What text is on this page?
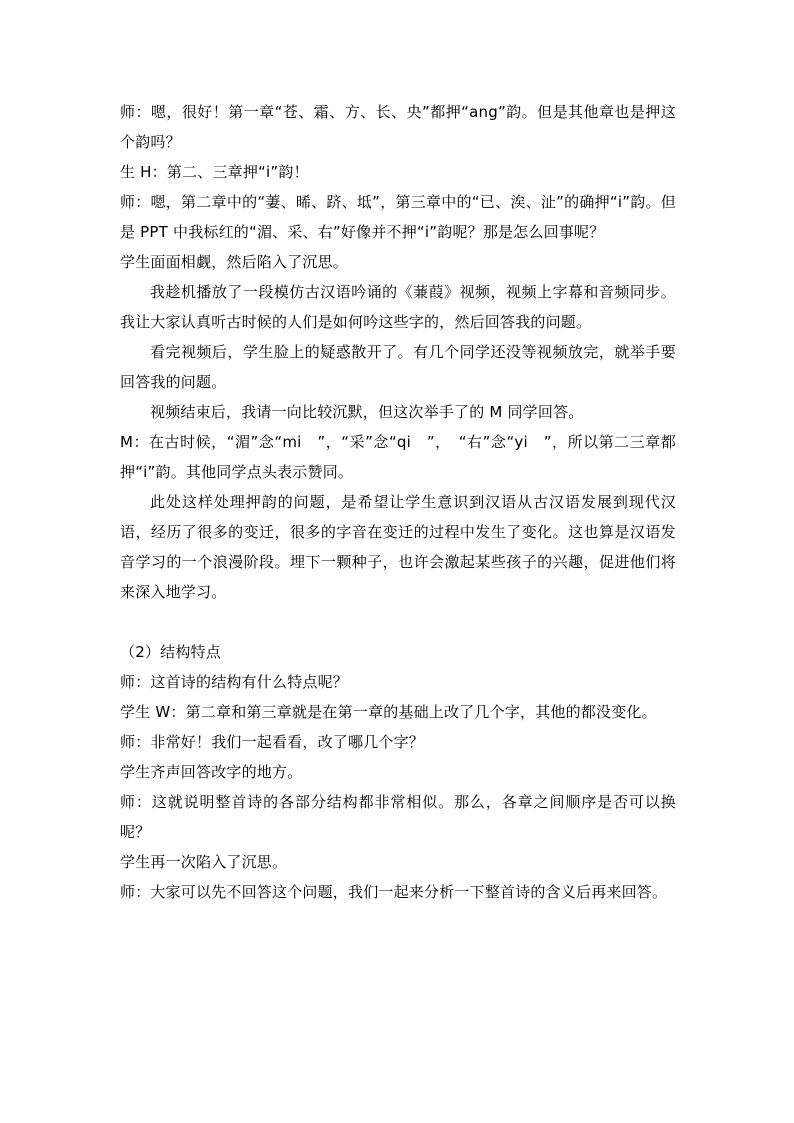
师：嗯，很好！第一章“苍、霜、方、长、央”都押“ang”韵。但是其他章也是押这个韵吗？

生 H：第二、三章押“i”韵！

师：嗯，第二章中的“萋、晞、跻、坻”，第三章中的“已、涘、沚”的确押“i”韵。但是 PPT 中我标红的“湄、采、右”好像并不押“i”韵呢？那是怎么回事呢？

学生面面相觑，然后陷入了沉思。

我趁机播放了一段模仿古汉语吟诵的《蒹葭》视频，视频上字幕和音频同步。我让大家认真听古时候的人们是如何吟这些字的，然后回答我的问题。

看完视频后，学生脸上的疑惑散开了。有几个同学还没等视频放完，就举手要回答我的问题。

视频结束后，我请一向比较沉默，但这次举手了的 M 同学回答。

M：在古时候，“湄”念“mi　”，“采”念“qi　”，　“右”念“yi　”，所以第二三章都押“i”韵。其他同学点头表示赞同。

此处这样处理押韵的问题，是希望让学生意识到汉语从古汉语发展到现代汉语，经历了很多的变迁，很多的字音在变迁的过程中发生了变化。这也算是汉语发音学习的一个浪漫阶段。埋下一颗种子，也许会激起某些孩子的兴趣，促进他们将来深入地学习。

（2）结构特点

师：这首诗的结构有什么特点呢？

学生 W：第二章和第三章就是在第一章的基础上改了几个字，其他的都没变化。

师：非常好！我们一起看看，改了哪几个字？

学生齐声回答改字的地方。

师：这就说明整首诗的各部分结构都非常相似。那么，各章之间顺序是否可以换呢？

学生再一次陷入了沉思。

师：大家可以先不回答这个问题，我们一起来分析一下整首诗的含义后再来回答。
